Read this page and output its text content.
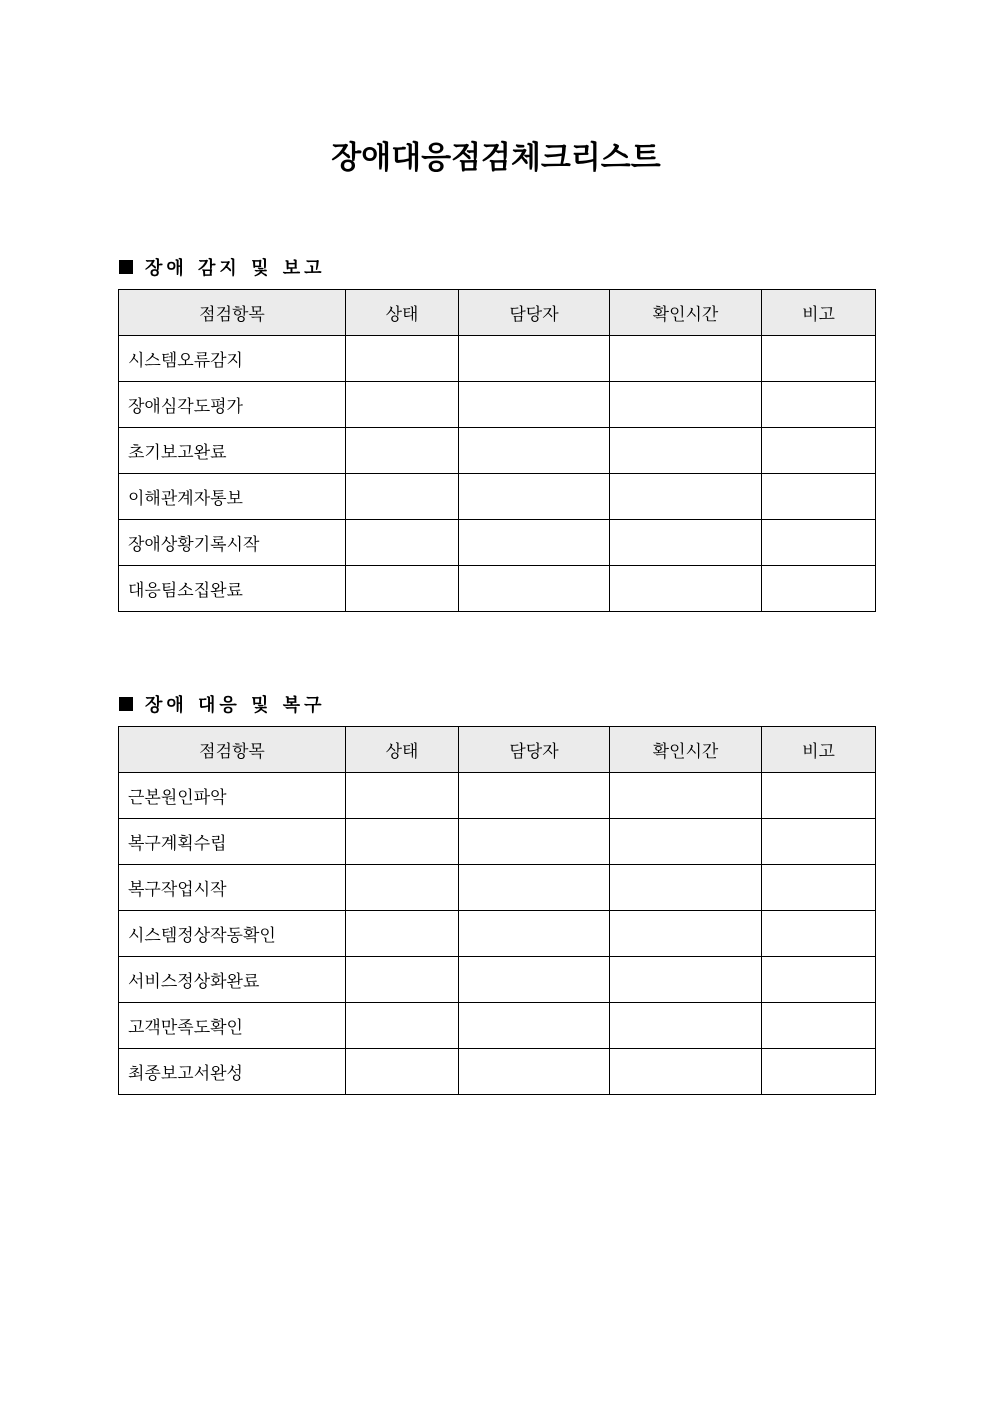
장애대응점검체크리스트
장애 감지 및 보고
점검항목	상태	담당자	확인시간	비고
시스템오류감지				
장애심각도평가				
초기보고완료				
이해관계자통보				
장애상황기록시작				
대응팀소집완료				
장애 대응 및 복구
점검항목	상태	담당자	확인시간	비고
근본원인파악				
복구계획수립				
복구작업시작				
시스템정상작동확인				
서비스정상화완료				
고객만족도확인				
최종보고서완성				
